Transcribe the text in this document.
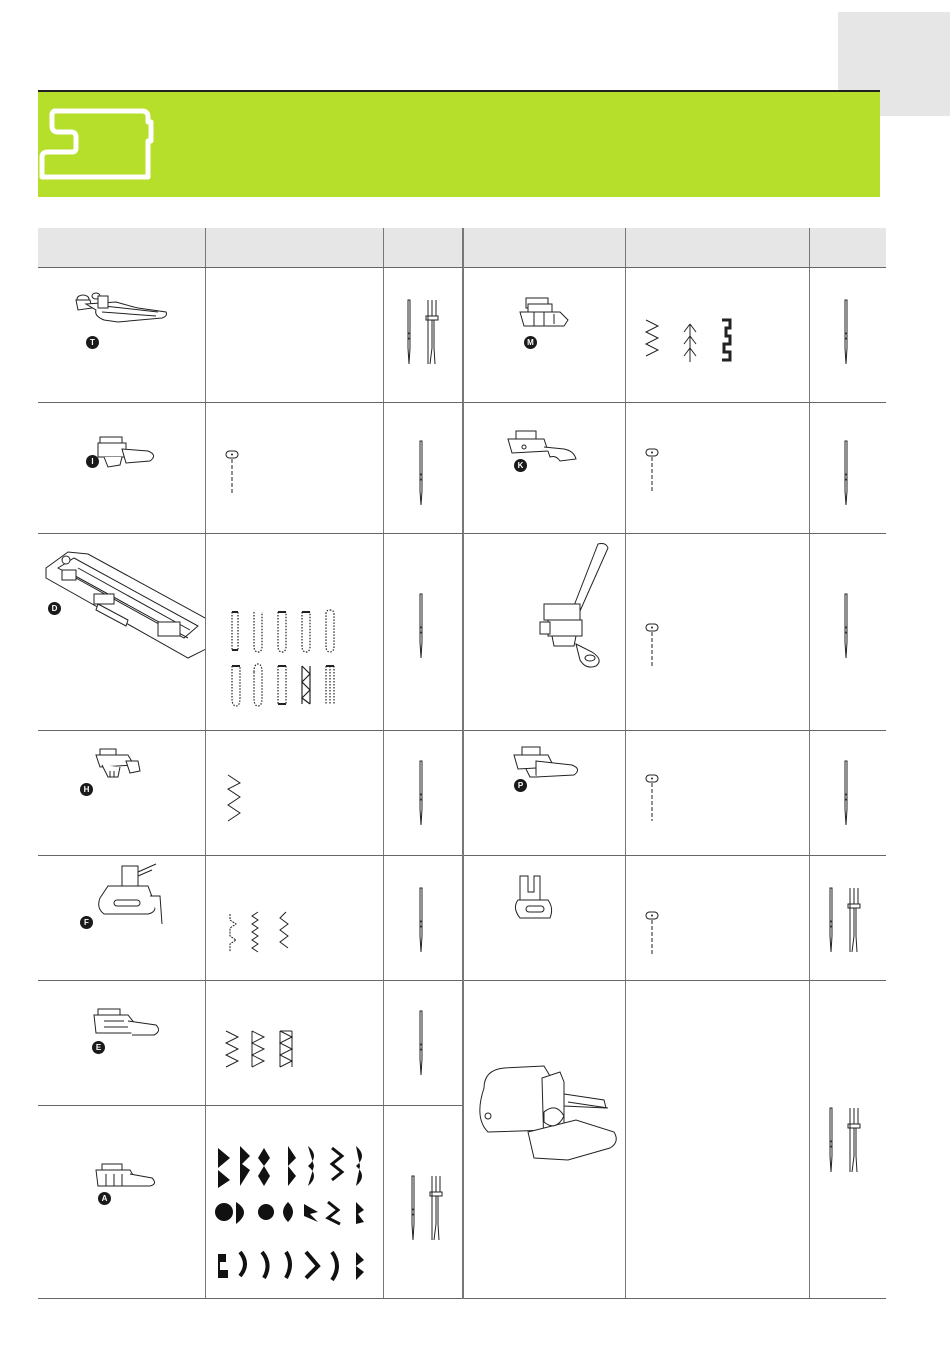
T			M

I			K

D

H			P

F

E

A
